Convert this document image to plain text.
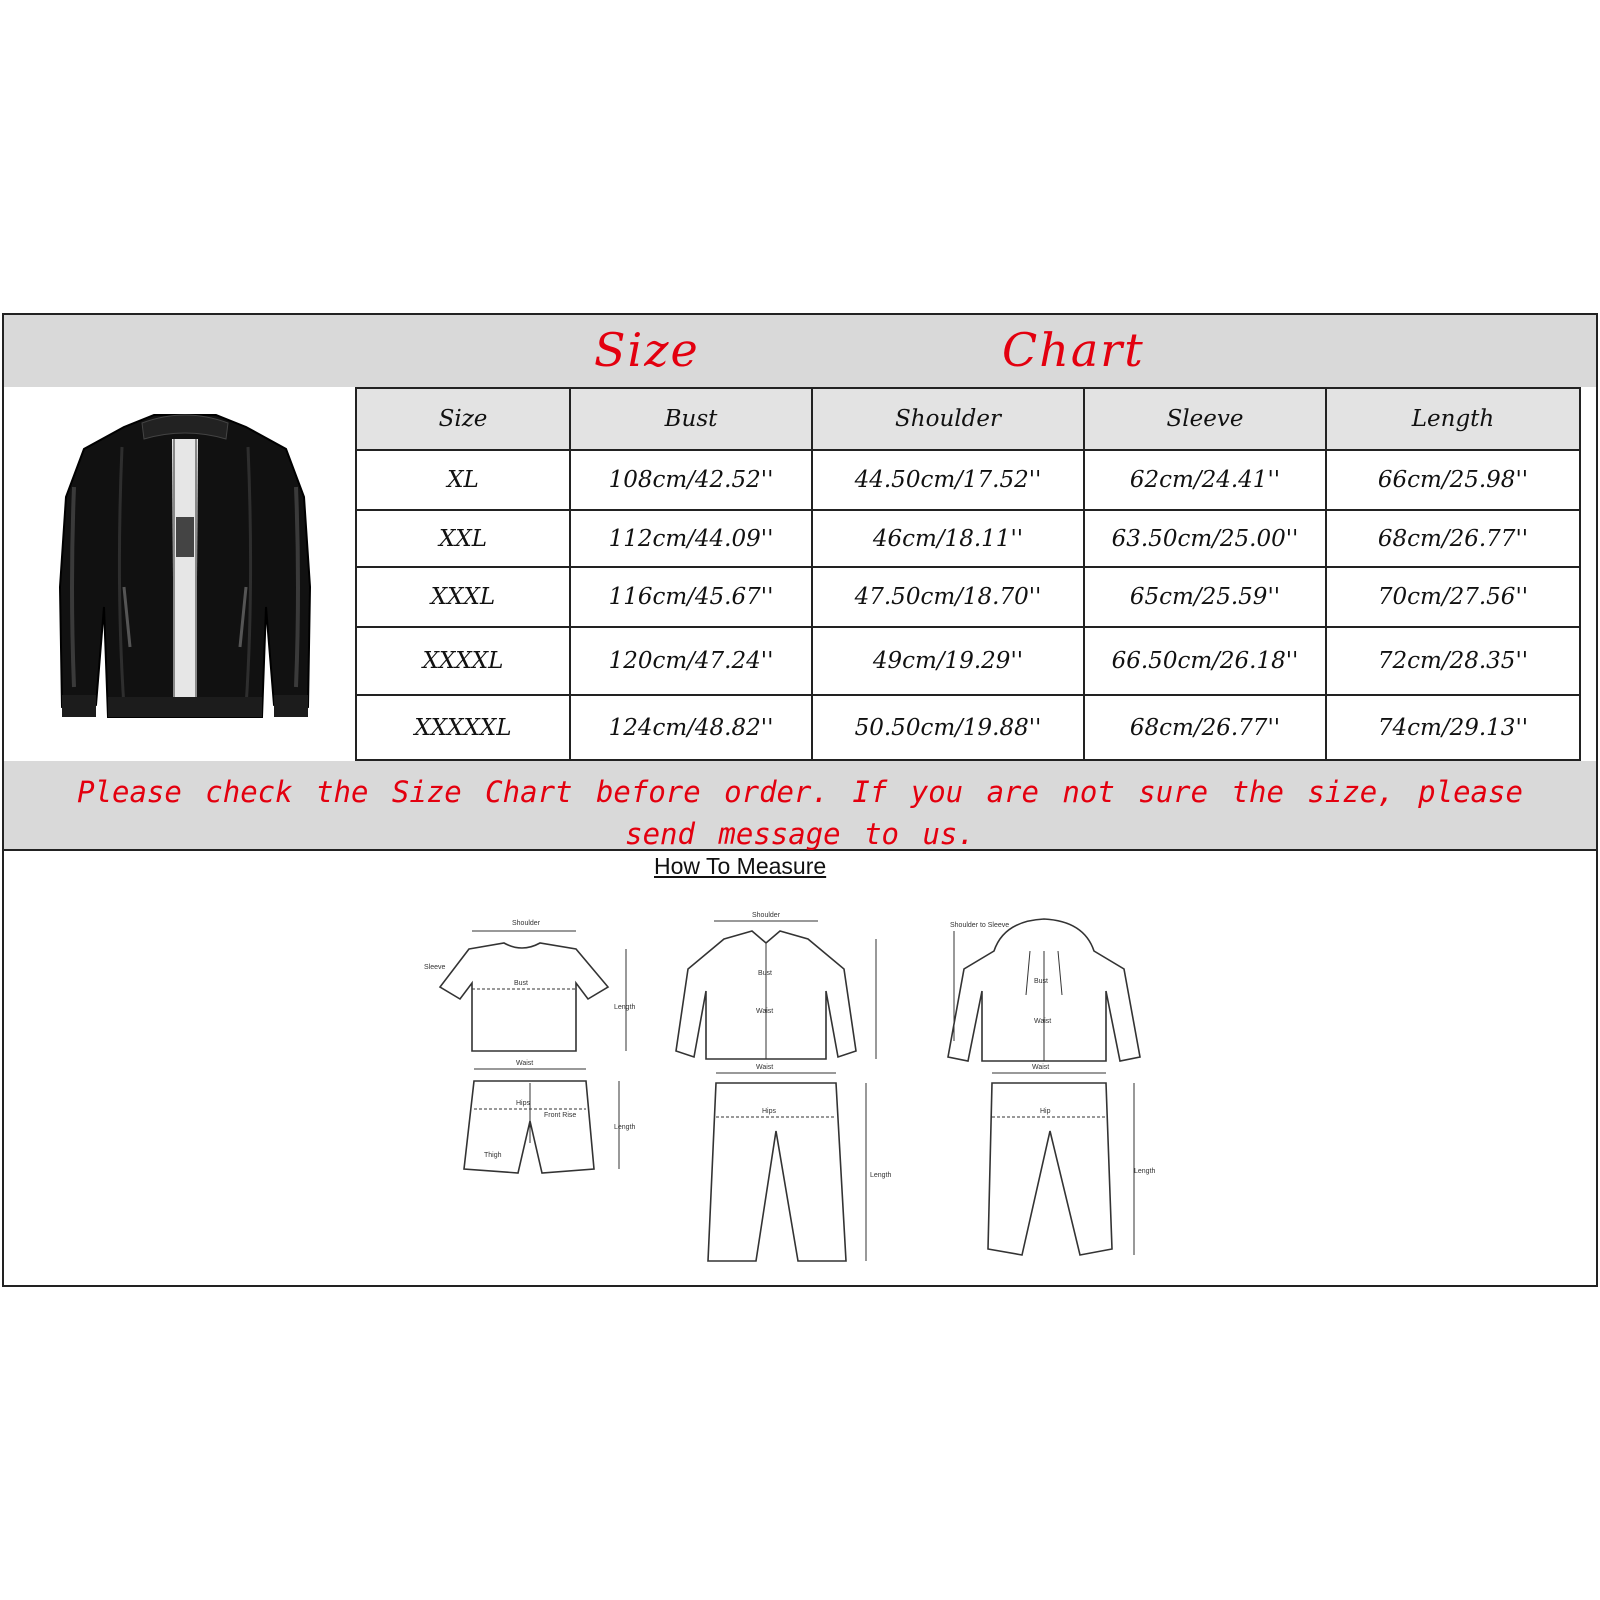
Size	Chart
Size	Bust	Shoulder	Sleeve	Length
XL	108cm/42.52''	44.50cm/17.52''	62cm/24.41''	66cm/25.98''
XXL	112cm/44.09''	46cm/18.11''	63.50cm/25.00''	68cm/26.77''
XXXL	116cm/45.67''	47.50cm/18.70''	65cm/25.59''	70cm/27.56''
XXXXL	120cm/47.24''	49cm/19.29''	66.50cm/26.18''	72cm/28.35''
XXXXXL	124cm/48.82''	50.50cm/19.88''	68cm/26.77''	74cm/29.13''
Please check the Size Chart before order. If you are not sure the size, please send message to us.
How To Measure
Shoulder
Bust
Length
Sleeve
Waist
Hips
Front Rise
Thigh
Length
Shoulder
Bust
Waist
Waist
Hips
Length
Bust
Waist
Shoulder to Sleeve
Waist
Hip
Length
